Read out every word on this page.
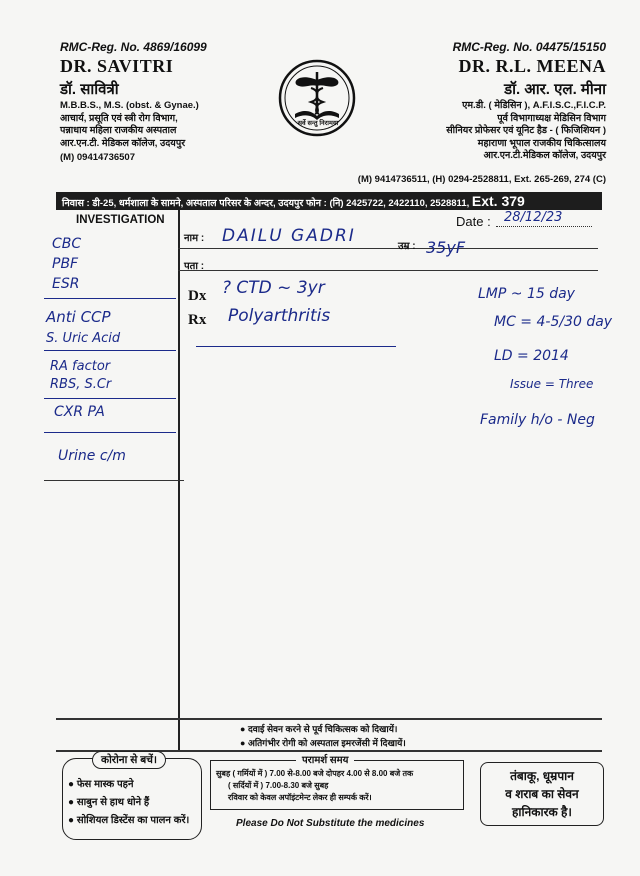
RMC-Reg. No. 4869/16099
DR. SAVITRI
डॉ. सावित्री
M.B.B.S., M.S. (obst. & Gynae.)
आचार्य, प्रसूति एवं स्त्री रोग विभाग,
पन्नाधाय महिला राजकीय अस्पताल
आर.एन.टी. मेडिकल कॉलेज, उदयपुर
(M) 09414736507
सर्वे सन्तु निरामया
RMC-Reg. No. 04475/15150
DR. R.L. MEENA
डॉ. आर. एल. मीना
एम.डी. ( मेडिसिन ), A.F.I.S.C.,F.I.C.P.
पूर्व विभागाध्यक्ष मेडिसिन विभाग
सीनियर प्रोफेसर एवं यूनिट हैड - ( फिजिशियन )
महाराणा भूपाल राजकीय चिकित्सालय
आर.एन.टी.मेडिकल कॉलेज, उदयपुर
(M) 9414736511, (H) 0294-2528811, Ext. 265-269, 274 (C)
निवास : डी-25, धर्मशाला के सामने, अस्पताल परिसर के अन्दर, उदयपुर फोन : (नि) 2425722, 2422110, 2528811, Ext. 379
INVESTIGATION
नाम :
पता :
उम्र :
Date :
Dx
Rx
DAILU GADRI
35yF
28/12/23
? CTD ~ 3yr
Polyarthritis
CBC
PBF
ESR
Anti CCP
S. Uric Acid
RA factor
RBS, S.Cr
CXR PA
Urine c/m
LMP ~ 15 day
MC = 4-5/30 day
LD = 2014
Issue = Three
Family h/o - Neg
● दवाई सेवन करने से पूर्व चिकित्सक को दिखायें।
● अतिगंभीर रोगी को अस्पताल इमरजेंसी में दिखायें।
कोरोना से बचें।
● फेस मास्क पहने
● साबुन से हाथ धोने हैं
● सोशियल डिस्टेंस का पालन करें।
परामर्श समय
सुबह ( गर्मियों में ) 7.00 से-8.00 बजे दोपहर 4.00 से 8.00 बजे तक
( सर्दियों में ) 7.00-8.30 बजे सुबह
रविवार को केवल अपॉइंटमेन्ट लेकर ही सम्पर्क करें।
तंबाकू, धूम्रपान
व शराब का सेवन
हानिकारक है।
Please Do Not Substitute the medicines
